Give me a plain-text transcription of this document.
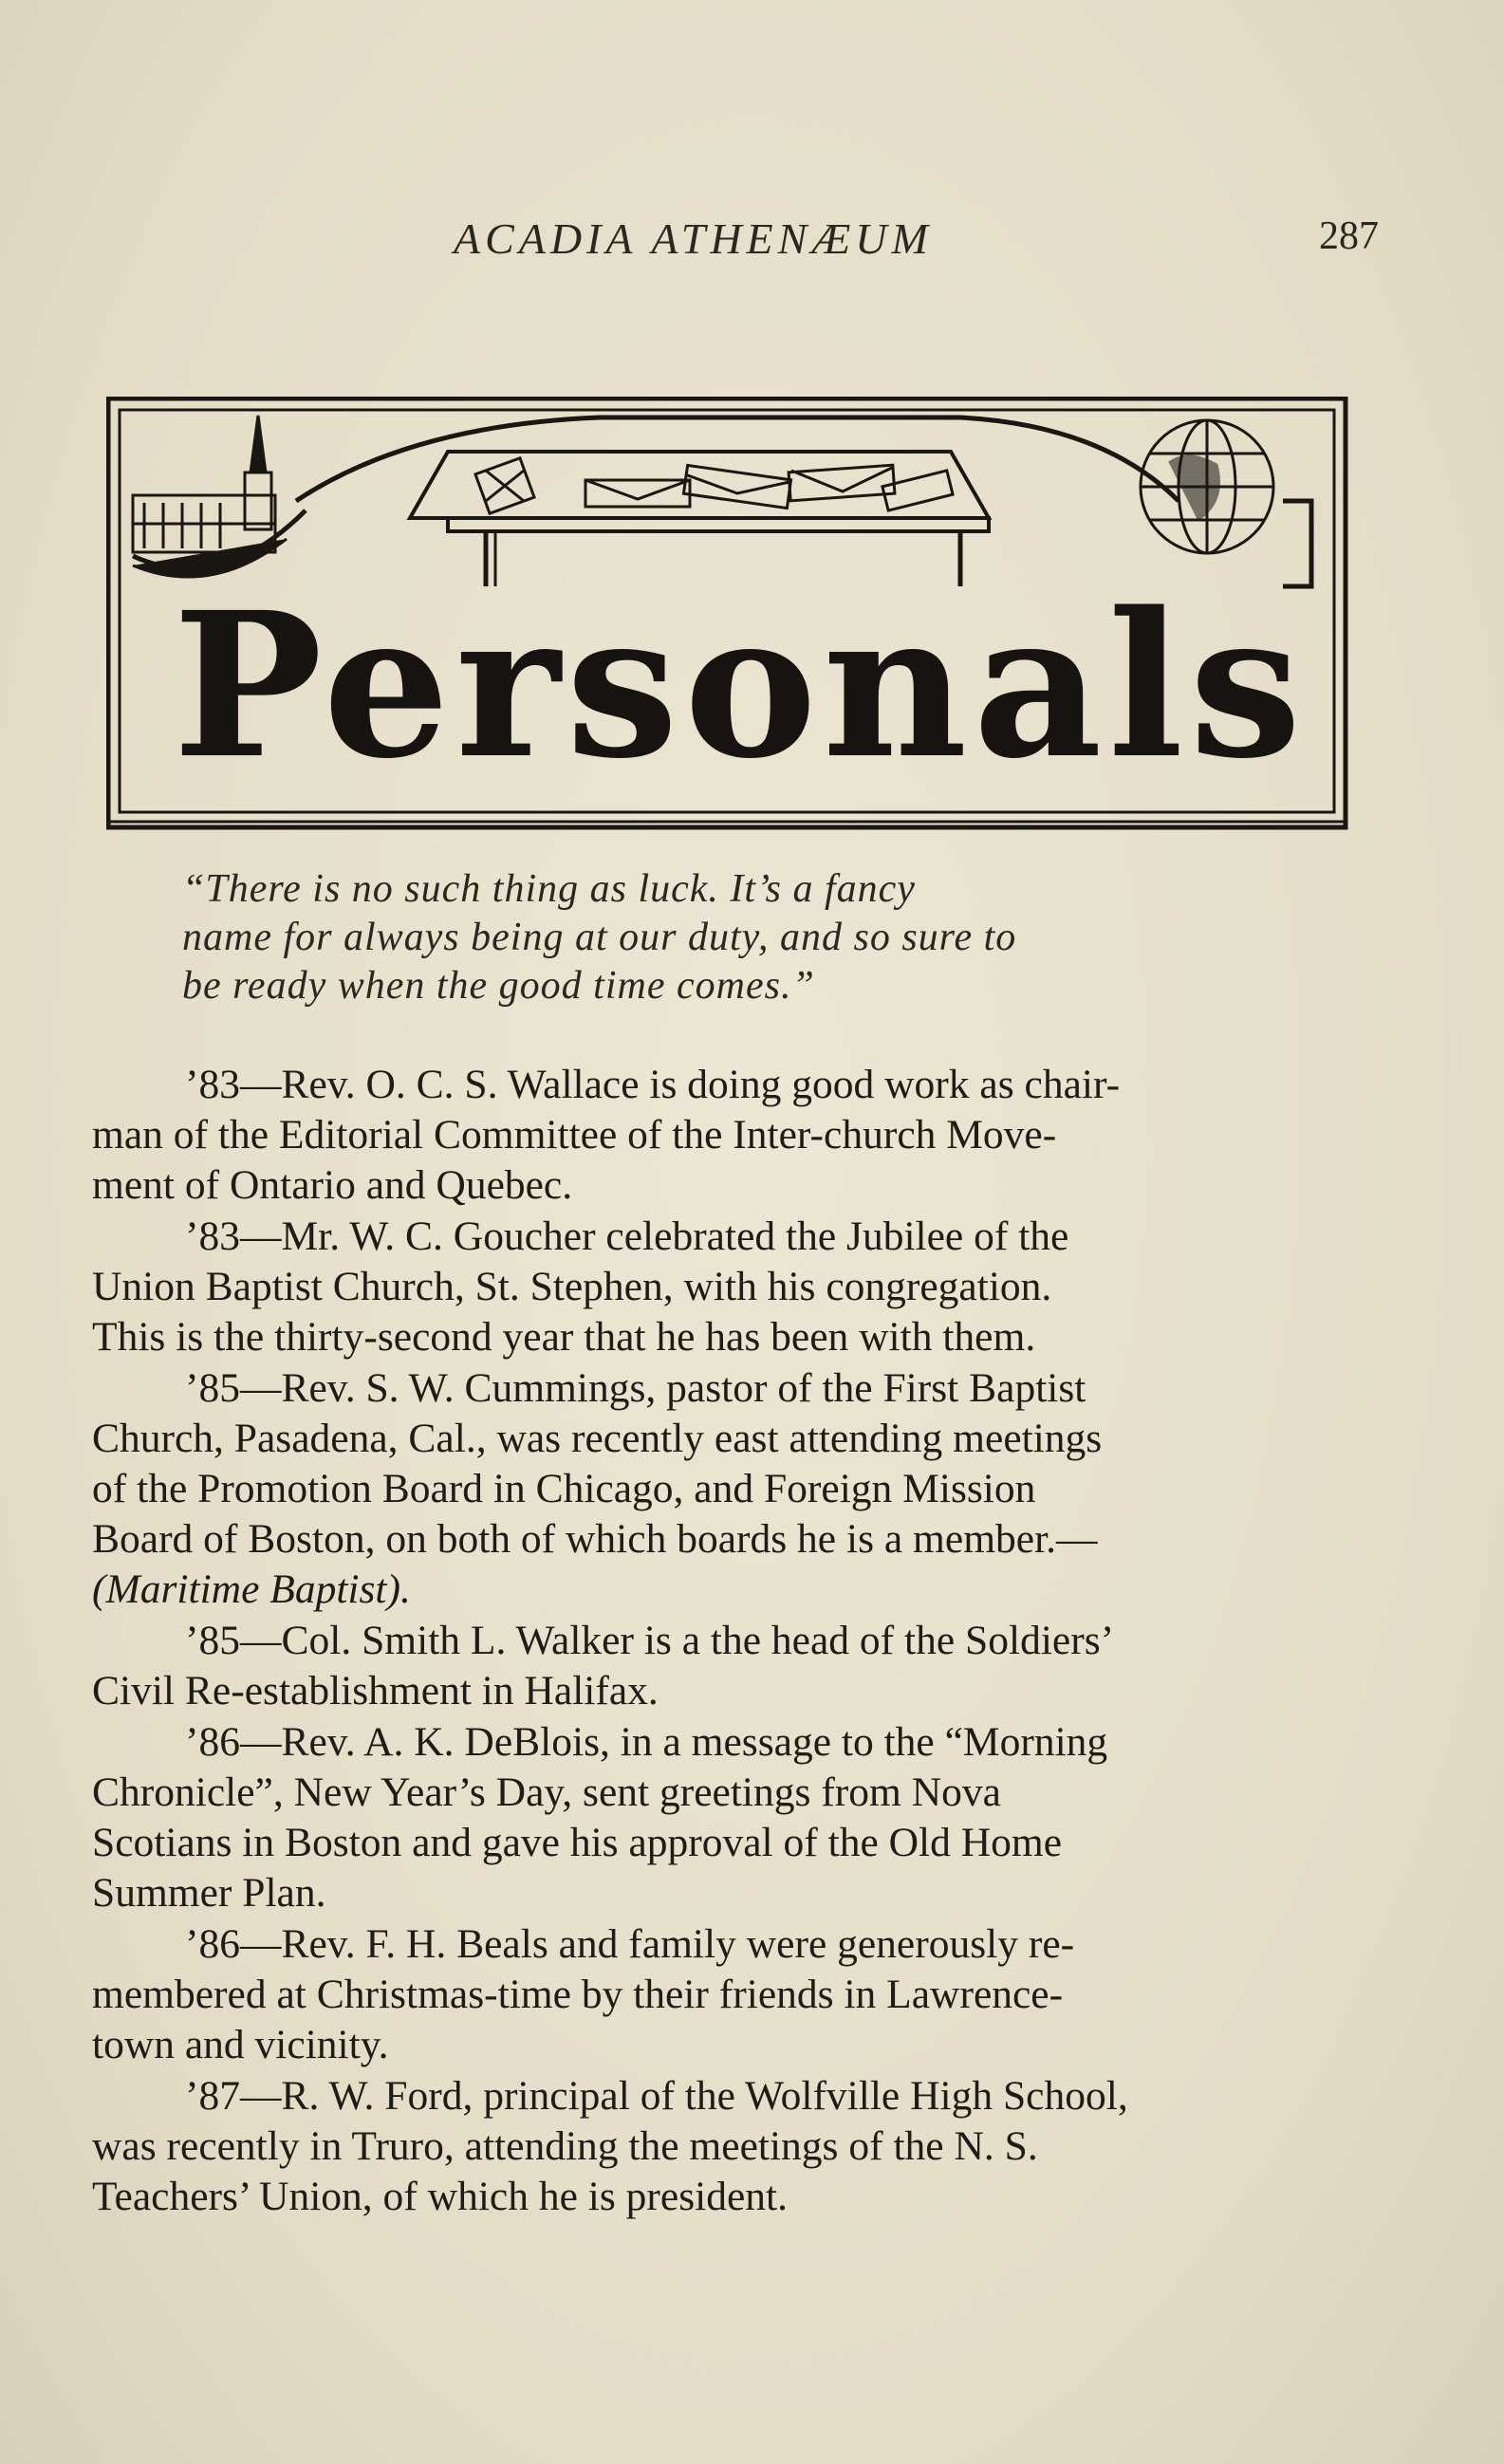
ACADIA ATHENÆUM	287
Personals

“There is no such thing as luck. It’s a fancy

name for always being at our duty, and so sure to

be ready when the good time comes.”

’83—Rev. O. C. S. Wallace is doing good work as chair-
man of the Editorial Committee of the Inter-church Move-
ment of Ontario and Quebec.
’83—Mr. W. C. Goucher celebrated the Jubilee of the
Union Baptist Church, St. Stephen, with his congregation.
This is the thirty-second year that he has been with them.
’85—Rev. S. W. Cummings, pastor of the First Baptist
Church, Pasadena, Cal., was recently east attending meetings
of the Promotion Board in Chicago, and Foreign Mission
Board of Boston, on both of which boards he is a member.—
(Maritime Baptist).
’85—Col. Smith L. Walker is a the head of the Soldiers’
Civil Re-establishment in Halifax.
’86—Rev. A. K. DeBlois, in a message to the “Morning
Chronicle”, New Year’s Day, sent greetings from Nova
Scotians in Boston and gave his approval of the Old Home
Summer Plan.
’86—Rev. F. H. Beals and family were generously re-
membered at Christmas-time by their friends in Lawrence-
town and vicinity.
’87—R. W. Ford, principal of the Wolfville High School,
was recently in Truro, attending the meetings of the N. S.
Teachers’ Union, of which he is president.
